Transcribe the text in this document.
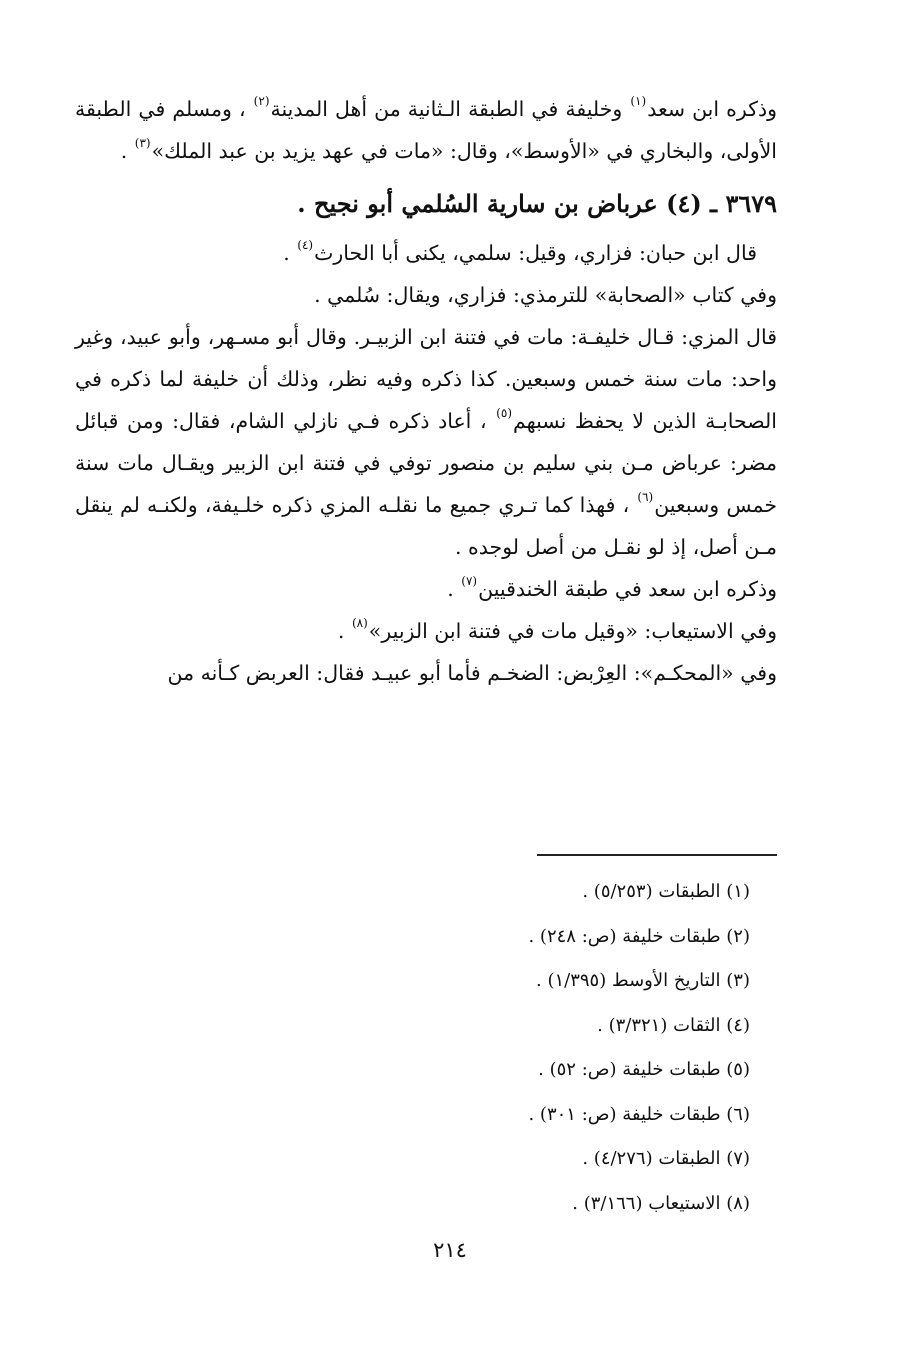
وذكره ابن سعد$^{(١)}$ وخليفة في الطبقة الـثانية من أهل المدينة$^{(٢)}$ ، ومسلم في الطبقة الأولى، والبخاري في «الأوسط»، وقال: «مات في عهد يزيد بن عبد الملك»$^{(٣)}$ .

٣٦٧٩ ـ (٤) عرباض بن سارية السُلمي أبو نجيح .

قال ابن حبان: فزاري، وقيل: سلمي، يكنى أبا الحارث$^{(٤)}$ .

وفي كتاب «الصحابة» للترمذي: فزاري، ويقال: سُلمي .

قال المزي: قـال خليفـة: مات في فتنة ابن الزبيـر. وقال أبو مسـهر، وأبو عبيد، وغير واحد: مات سنة خمس وسبعين. كذا ذكره وفيه نظر، وذلك أن خليفة لما ذكره في الصحابـة الذين لا يحفظ نسبهم$^{(٥)}$ ، أعاد ذكره فـي نازلي الشام، فقال: ومن قبائل مضر: عرباض مـن بني سليم بن منصور توفي في فتنة ابن الزبير ويقـال مات سنة خمس وسبعين$^{(٦)}$ ، فهذا كما تـري جميع ما نقلـه المزي ذكره خلـيفة، ولكنـه لم ينقل مـن أصل، إذ لو نقـل من أصل لوجده .

وذكره ابن سعد في طبقة الخندقيين$^{(٧)}$ .

وفي الاستيعاب: «وقيل مات في فتنة ابن الزبير»$^{(٨)}$ .

وفي «المحكـم»: العِرْبض: الضخـم فأما أبو عبيـد فقال: العربض كـأنه من

(١) الطبقات (٥/٢٥٣) .

(٢) طبقات خليفة (ص: ٢٤٨) .

(٣) التاريخ الأوسط (١/٣٩٥) .

(٤) الثقات (٣/٣٢١) .

(٥) طبقات خليفة (ص: ٥٢) .

(٦) طبقات خليفة (ص: ٣٠١) .

(٧) الطبقات (٤/٢٧٦) .

(٨) الاستيعاب (٣/١٦٦) .

٢١٤
